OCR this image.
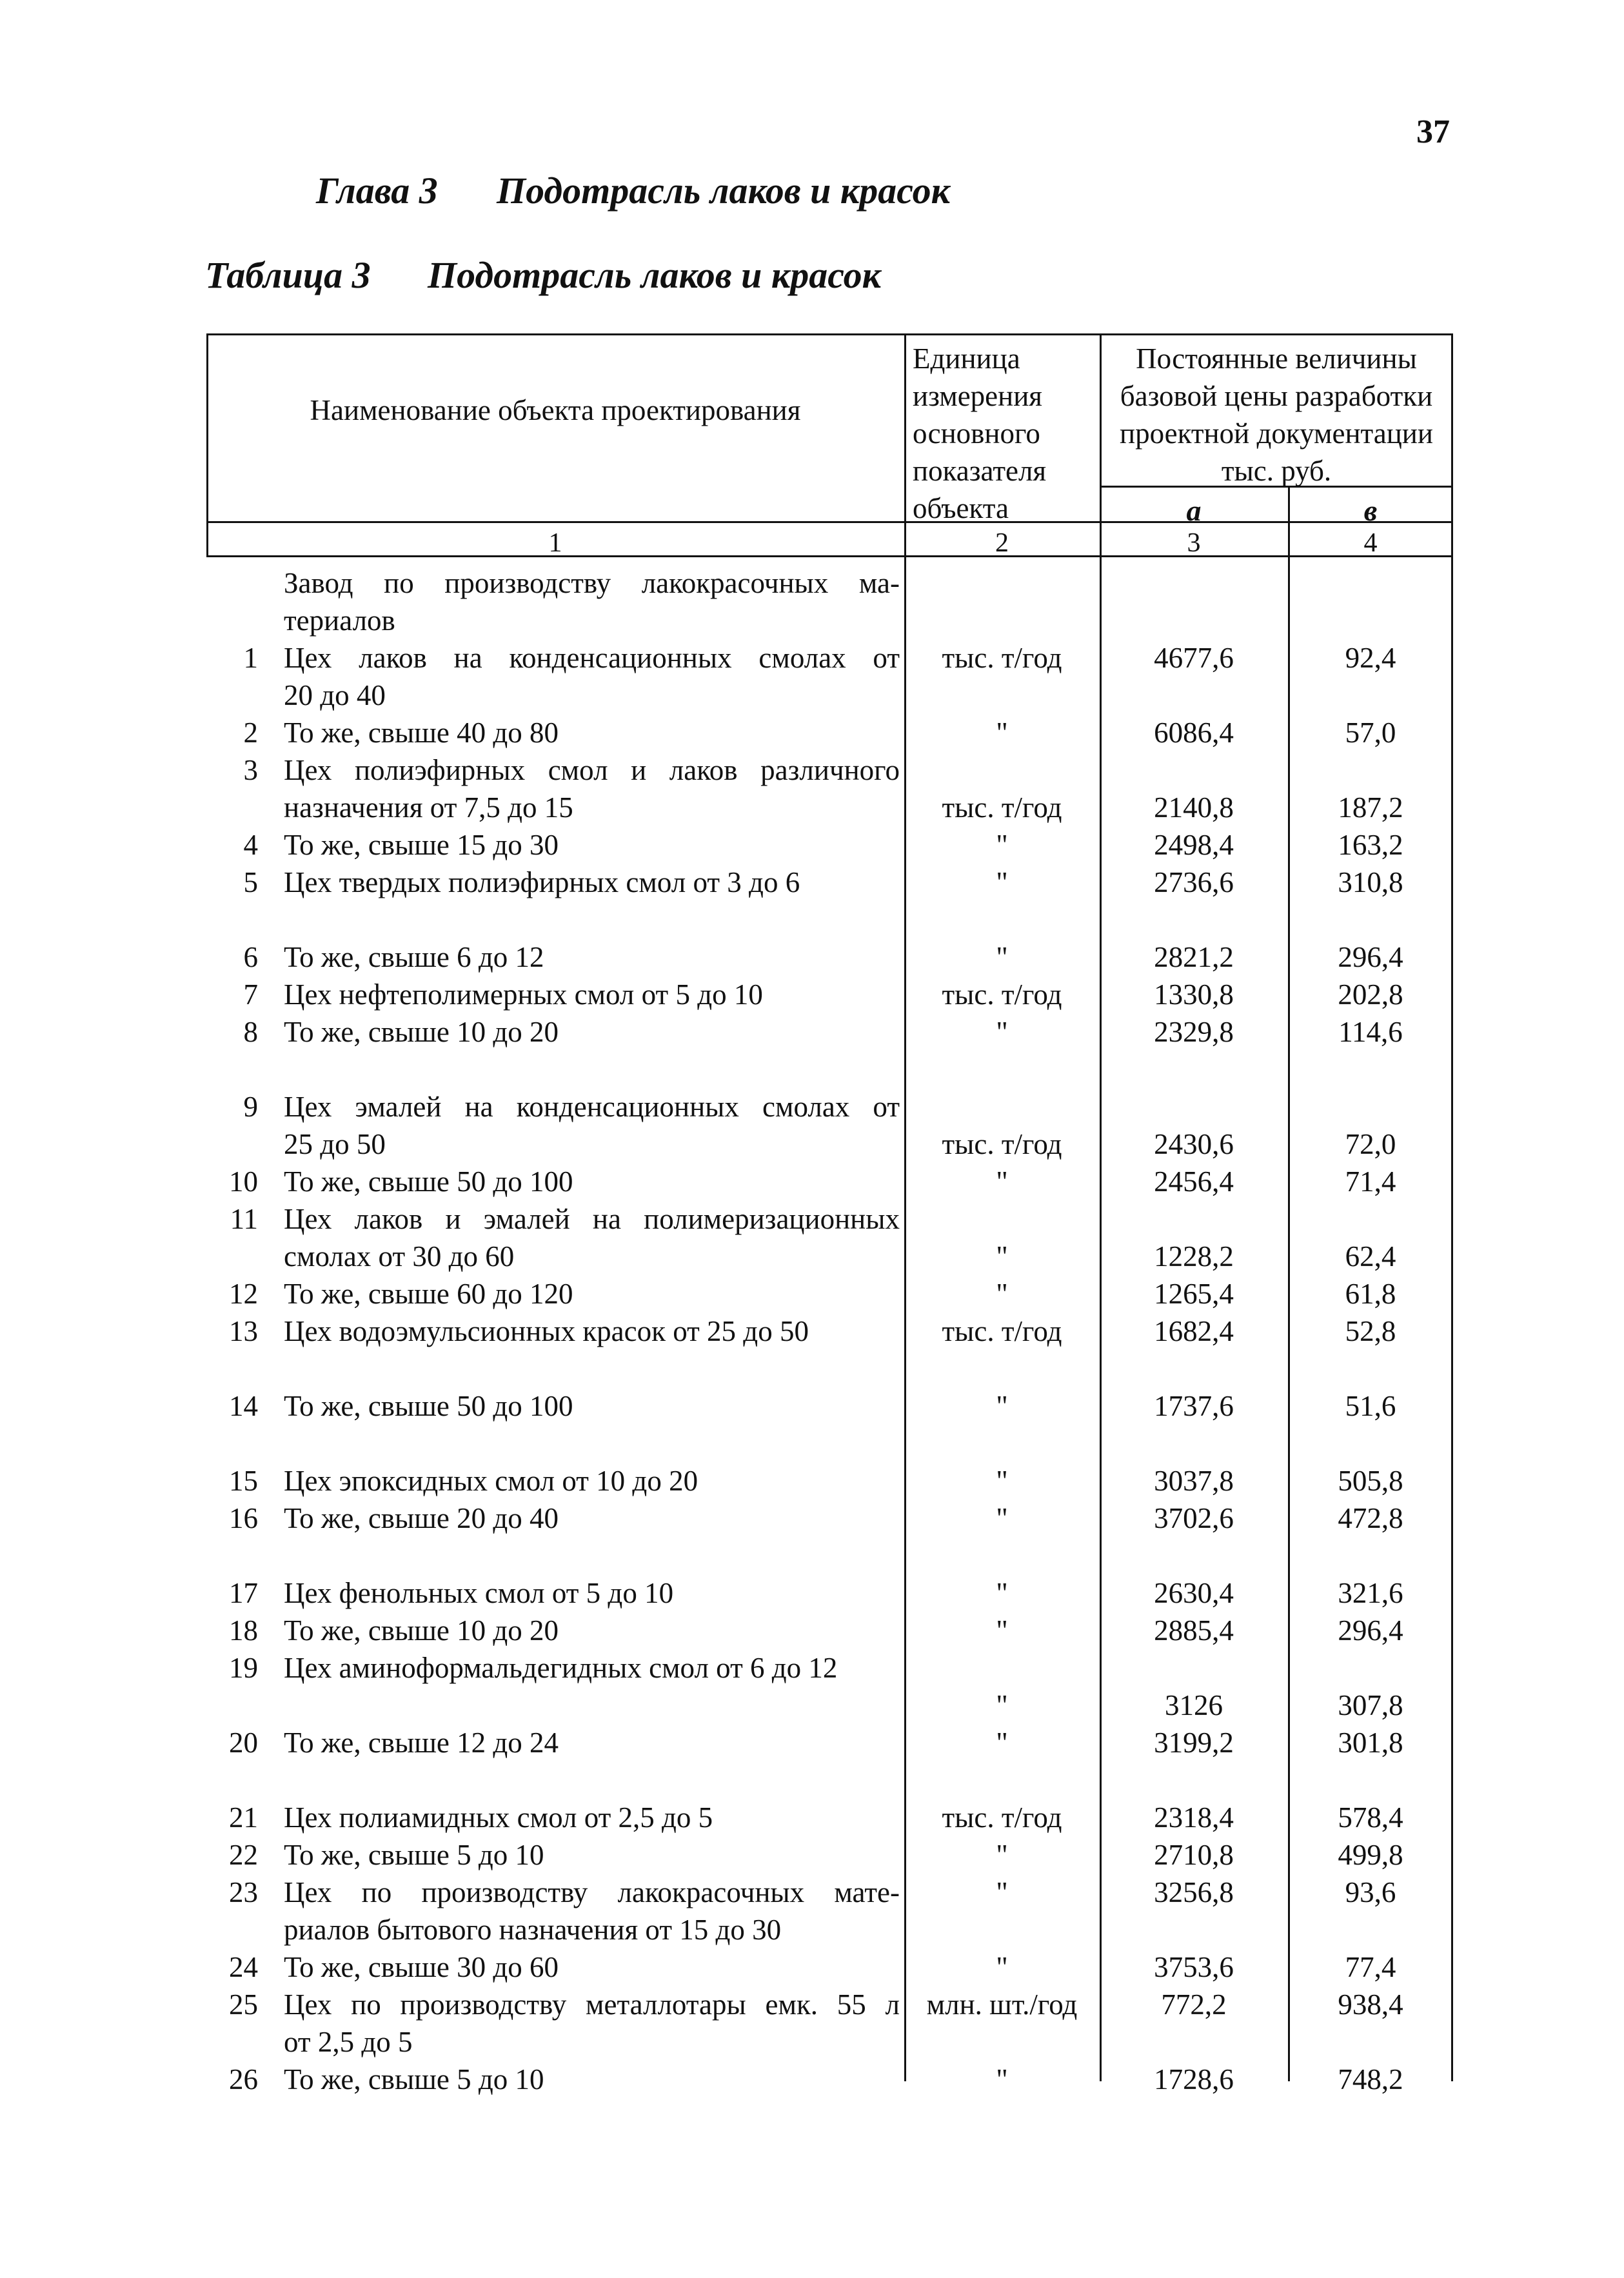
37
Глава 3 Подотрасль лаков и красок
Таблица 3 Подотрасль лаков и красок
Наименование объекта проектирования
Единица измерения основного показателя объекта
Постоянные величины базовой цены разработки проектной документации тыс. руб.
а	в
1	2	3	4
Завод по производству лакокрасочных ма-
териалов
1 Цех лаков на конденсационных смолах от
20 до 40
тыс. т/год	4677,6	92,4
2 То же, свыше 40 до 80	"	6086,4	57,0
3 Цех полиэфирных смол и лаков различного
назначения от 7,5 до 15	тыс. т/год	2140,8	187,2
4 То же, свыше 15 до 30	"	2498,4	163,2
5 Цех твердых полиэфирных смол от 3 до 6	"	2736,6	310,8
6 То же, свыше 6 до 12	"	2821,2	296,4
7 Цех нефтеполимерных смол от 5 до 10	тыс. т/год	1330,8	202,8
8 То же, свыше 10 до 20	"	2329,8	114,6
9 Цех эмалей на конденсационных смолах от
25 до 50	тыс. т/год	2430,6	72,0
10 То же, свыше 50 до 100	"	2456,4	71,4
11 Цех лаков и эмалей на полимеризационных
смолах от 30 до 60	"	1228,2	62,4
12 То же, свыше 60 до 120	"	1265,4	61,8
13 Цех водоэмульсионных красок от 25 до 50	тыс. т/год	1682,4	52,8
14 То же, свыше 50 до 100	"	1737,6	51,6
15 Цех эпоксидных смол от 10 до 20	"	3037,8	505,8
16 То же, свыше 20 до 40	"	3702,6	472,8
17 Цех фенольных смол от 5 до 10	"	2630,4	321,6
18 То же, свыше 10 до 20	"	2885,4	296,4
19 Цех аминоформальдегидных смол от 6 до 12
"	3126	307,8
20 То же, свыше 12 до 24	"	3199,2	301,8
21 Цех полиамидных смол от 2,5 до 5	тыс. т/год	2318,4	578,4
22 То же, свыше 5 до 10	"	2710,8	499,8
23 Цех по производству лакокрасочных мате-
риалов бытового назначения от 15 до 30
"	3256,8	93,6
24 То же, свыше 30 до 60	"	3753,6	77,4
25 Цех по производству металлотары емк. 55 л
от 2,5 до 5
млн. шт./год	772,2	938,4
26 То же, свыше 5 до 10	"	1728,6	748,2
